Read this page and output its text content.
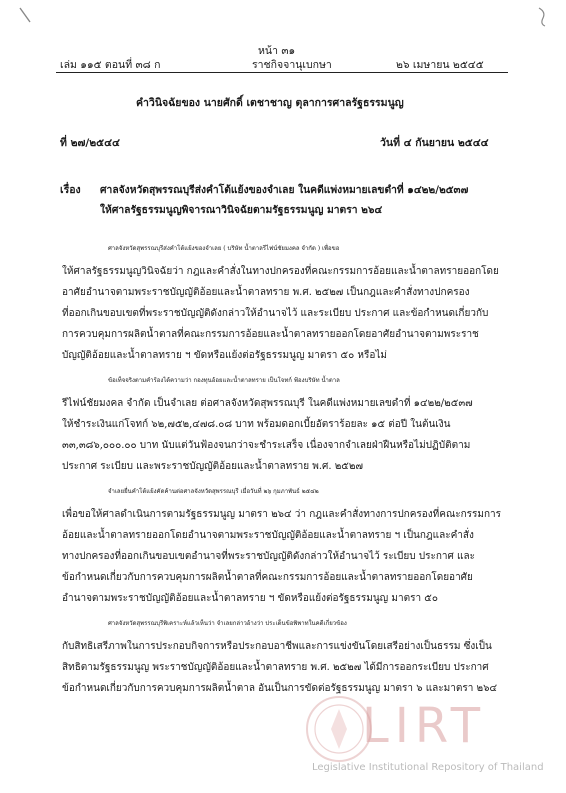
หน้า ๓๑
เล่ม ๑๑๕ ตอนที่ ๓๘ ก	ราชกิจจานุเบกษา	๒๖ เมษายน ๒๕๔๕
คำวินิจฉัยของ นายศักดิ์ เตชาชาญ ตุลาการศาลรัฐธรรมนูญ
ที่ ๒๗/๒๕๔๔	วันที่ ๔ กันยายน ๒๕๔๔
เรื่อง ศาลจังหวัดสุพรรณบุรีส่งคำโต้แย้งของจำเลย ในคดีแพ่งหมายเลขดำที่ ๑๔๒๒/๒๕๓๗
ให้ศาลรัฐธรรมนูญพิจารณาวินิจฉัยตามรัฐธรรมนูญ มาตรา ๒๖๔
ศาลจังหวัดสุพรรณบุรีส่งคำโต้แย้งของจำเลย ( บริษัท น้ำตาลรีไฟน์ชัยมงคล จำกัด ) เพื่อขอ
ให้ศาลรัฐธรรมนูญวินิจฉัยว่า กฎและคำสั่งในทางปกครองที่คณะกรรมการอ้อยและน้ำตาลทรายออกโดย
อาศัยอำนาจตามพระราชบัญญัติอ้อยและน้ำตาลทราย พ.ศ. ๒๕๒๗ เป็นกฎและคำสั่งทางปกครอง
ที่ออกเกินขอบเขตที่พระราชบัญญัติดังกล่าวให้อำนาจไว้ และระเบียบ ประกาศ และข้อกำหนดเกี่ยวกับ
การควบคุมการผลิตน้ำตาลที่คณะกรรมการอ้อยและน้ำตาลทรายออกโดยอาศัยอำนาจตามพระราช
บัญญัติอ้อยและน้ำตาลทราย ฯ ขัดหรือแย้งต่อรัฐธรรมนูญ มาตรา ๕๐ หรือไม่
ข้อเท็จจริงตามคำร้องได้ความว่า กองทุนอ้อยและน้ำตาลทราย เป็นโจทก์ ฟ้องบริษัท น้ำตาล
รีไฟน์ชัยมงคล จำกัด เป็นจำเลย ต่อศาลจังหวัดสุพรรณบุรี ในคดีแพ่งหมายเลขดำที่ ๑๔๒๒/๒๕๓๗
ให้ชำระเงินแก่โจทก์ ๖๒,๗๕๒,๔๗๘.๐๘ บาท พร้อมดอกเบี้ยอัตราร้อยละ ๑๕ ต่อปี ในต้นเงิน
๓๓,๓๘๖,๐๐๐.๐๐ บาท นับแต่วันฟ้องจนกว่าจะชำระเสร็จ เนื่องจากจำเลยฝ่าฝืนหรือไม่ปฏิบัติตาม
ประกาศ ระเบียบ และพระราชบัญญัติอ้อยและน้ำตาลทราย พ.ศ. ๒๕๒๗
จำเลยยื่นคำโต้แย้งคัดค้านต่อศาลจังหวัดสุพรรณบุรี เมื่อวันที่ ๒๖ กุมภาพันธ์ ๒๕๔๒
เพื่อขอให้ศาลดำเนินการตามรัฐธรรมนูญ มาตรา ๒๖๔ ว่า กฎและคำสั่งทางการปกครองที่คณะกรรมการ
อ้อยและน้ำตาลทรายออกโดยอำนาจตามพระราชบัญญัติอ้อยและน้ำตาลทราย ฯ เป็นกฎและคำสั่ง
ทางปกครองที่ออกเกินขอบเขตอำนาจที่พระราชบัญญัติดังกล่าวให้อำนาจไว้ ระเบียบ ประกาศ และ
ข้อกำหนดเกี่ยวกับการควบคุมการผลิตน้ำตาลที่คณะกรรมการอ้อยและน้ำตาลทรายออกโดยอาศัย
อำนาจตามพระราชบัญญัติอ้อยและน้ำตาลทราย ฯ ขัดหรือแย้งต่อรัฐธรรมนูญ มาตรา ๕๐
ศาลจังหวัดสุพรรณบุรีพิเคราะห์แล้วเห็นว่า จำเลยกล่าวอ้างว่า ประเด็นข้อพิพาทในคดีเกี่ยวข้อง
กับสิทธิเสรีภาพในการประกอบกิจการหรือประกอบอาชีพและการแข่งขันโดยเสรีอย่างเป็นธรรม ซึ่งเป็น
สิทธิตามรัฐธรรมนูญ พระราชบัญญัติอ้อยและน้ำตาลทราย พ.ศ. ๒๕๒๗ ได้มีการออกระเบียบ ประกาศ
ข้อกำหนดเกี่ยวกับการควบคุมการผลิตน้ำตาล อันเป็นการขัดต่อรัฐธรรมนูญ มาตรา ๖ และมาตรา ๒๖๔
LIRT
Legislative Institutional Repository of Thailand
